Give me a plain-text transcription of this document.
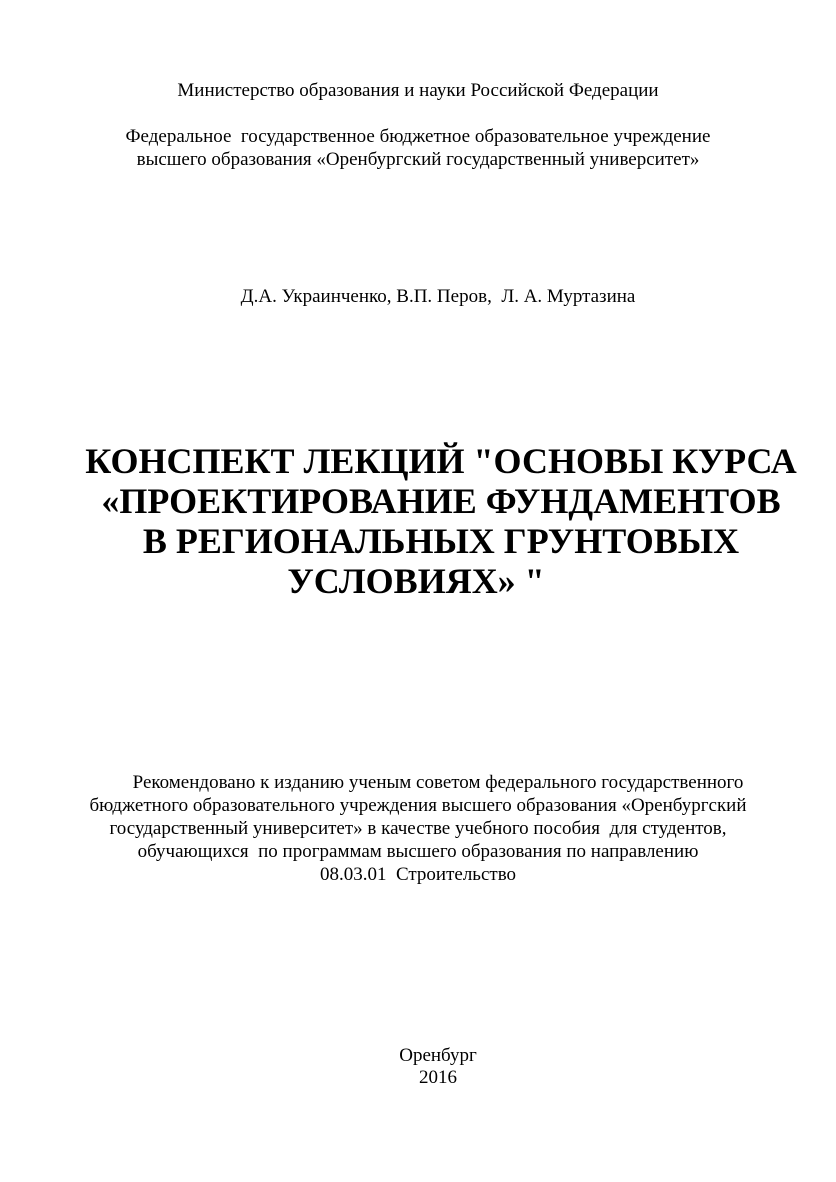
Министерство образования и науки Российской Федерации
Федеральное  государственное бюджетное образовательное учреждение
высшего образования «Оренбургский государственный университет»
Д.А. Украинченко, В.П. Перов,  Л. А. Муртазина
КОНСПЕКТ ЛЕКЦИЙ "ОСНОВЫ КУРСА
«ПРОЕКТИРОВАНИЕ ФУНДАМЕНТОВ
В РЕГИОНАЛЬНЫХ ГРУНТОВЫХ
УСЛОВИЯХ» "
Рекомендовано к изданию ученым советом федерального государственного
бюджетного образовательного учреждения высшего образования «Оренбургский
государственный университет» в качестве учебного пособия  для студентов,
обучающихся  по программам высшего образования по направлению
08.03.01  Строительство
Оренбург
2016
